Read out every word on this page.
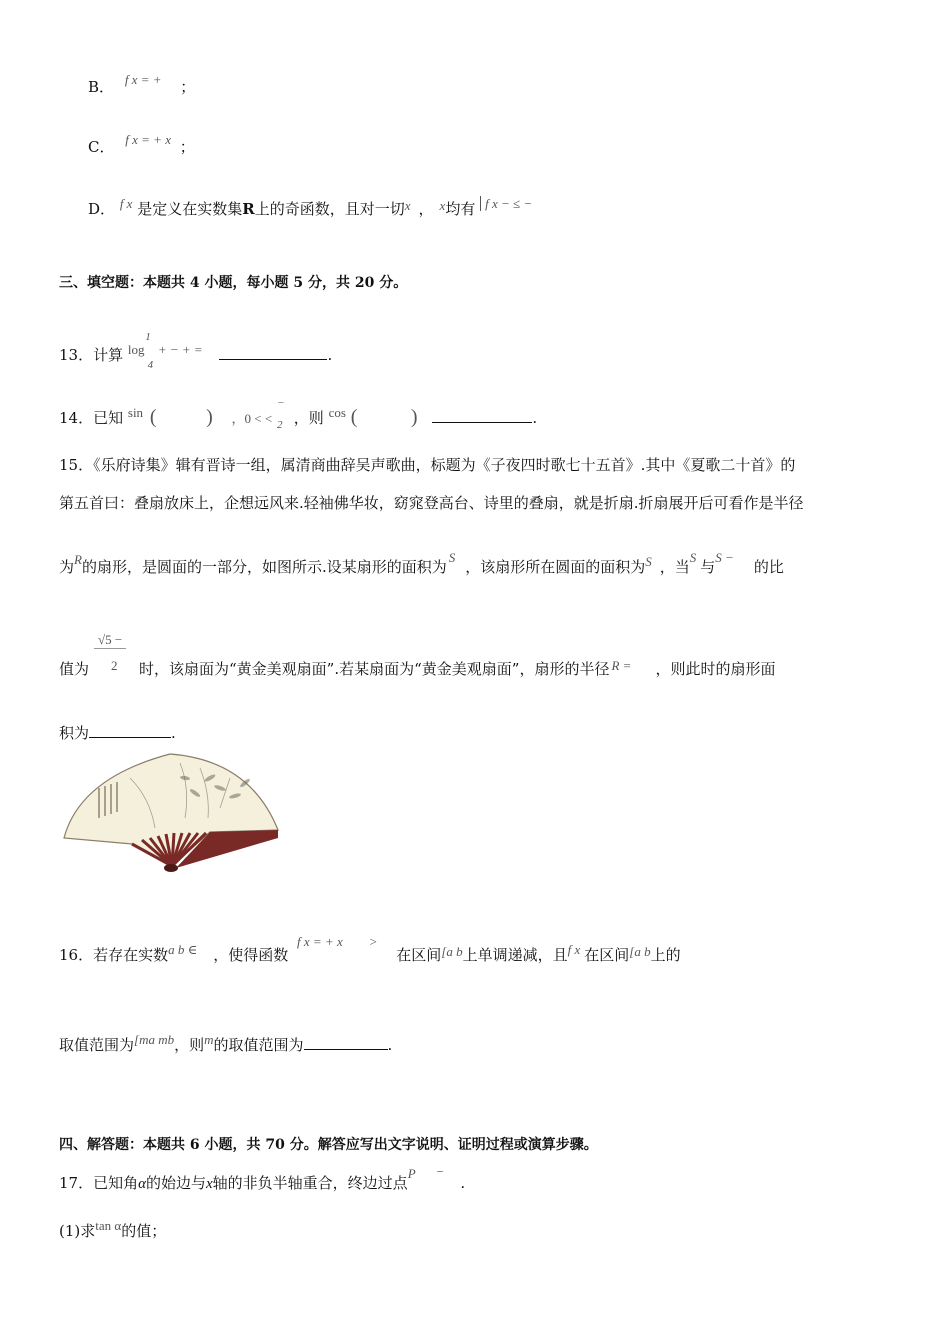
B． f x = + ；
C． f x = + x ；
D． f x 是定义在实数集R上的奇函数，且对一切x ， x均有 f x − ≤ −
三、填空题：本题共 4 小题，每小题 5 分，共 20 分。
13．计算 log $^1$ $_4$ + − + =	.
14．已知 sin ( ) ，0 < <
−
2 ，则 cos (	)	.
15．《乐府诗集》辑有晋诗一组，属清商曲辞吴声歌曲，标题为《子夜四时歌七十五首》.其中《夏歌二十首》的
第五首曰：叠扇放床上，企想远风来.轻袖佛华妆，窈窕登高台、诗里的叠扇，就是折扇.折扇展开后可看作是半径
为R的扇形，是圆面的一部分，如图所示.设某扇形的面积为S，该扇形所在圆面的面积为S ，当S与S −的比
√5 −
2
值为	时，该扇面为“黄金美观扇面”.若某扇面为“黄金美观扇面”，扇形的半径 R = ，则此时的扇形面
积为	.
16．若存在实数a b ∈ ，使得函数 f x = + x > 在区间[a b上单调递减，且f x 在区间[a b上的
取值范围为[ma mb，则m的取值范围为	.
四、解答题：本题共 6 小题，共 70 分。解答应写出文字说明、证明过程或演算步骤。
17．已知角α的始边与x轴的非负半轴重合，终边过点P −.
(1)求tan α的值；
